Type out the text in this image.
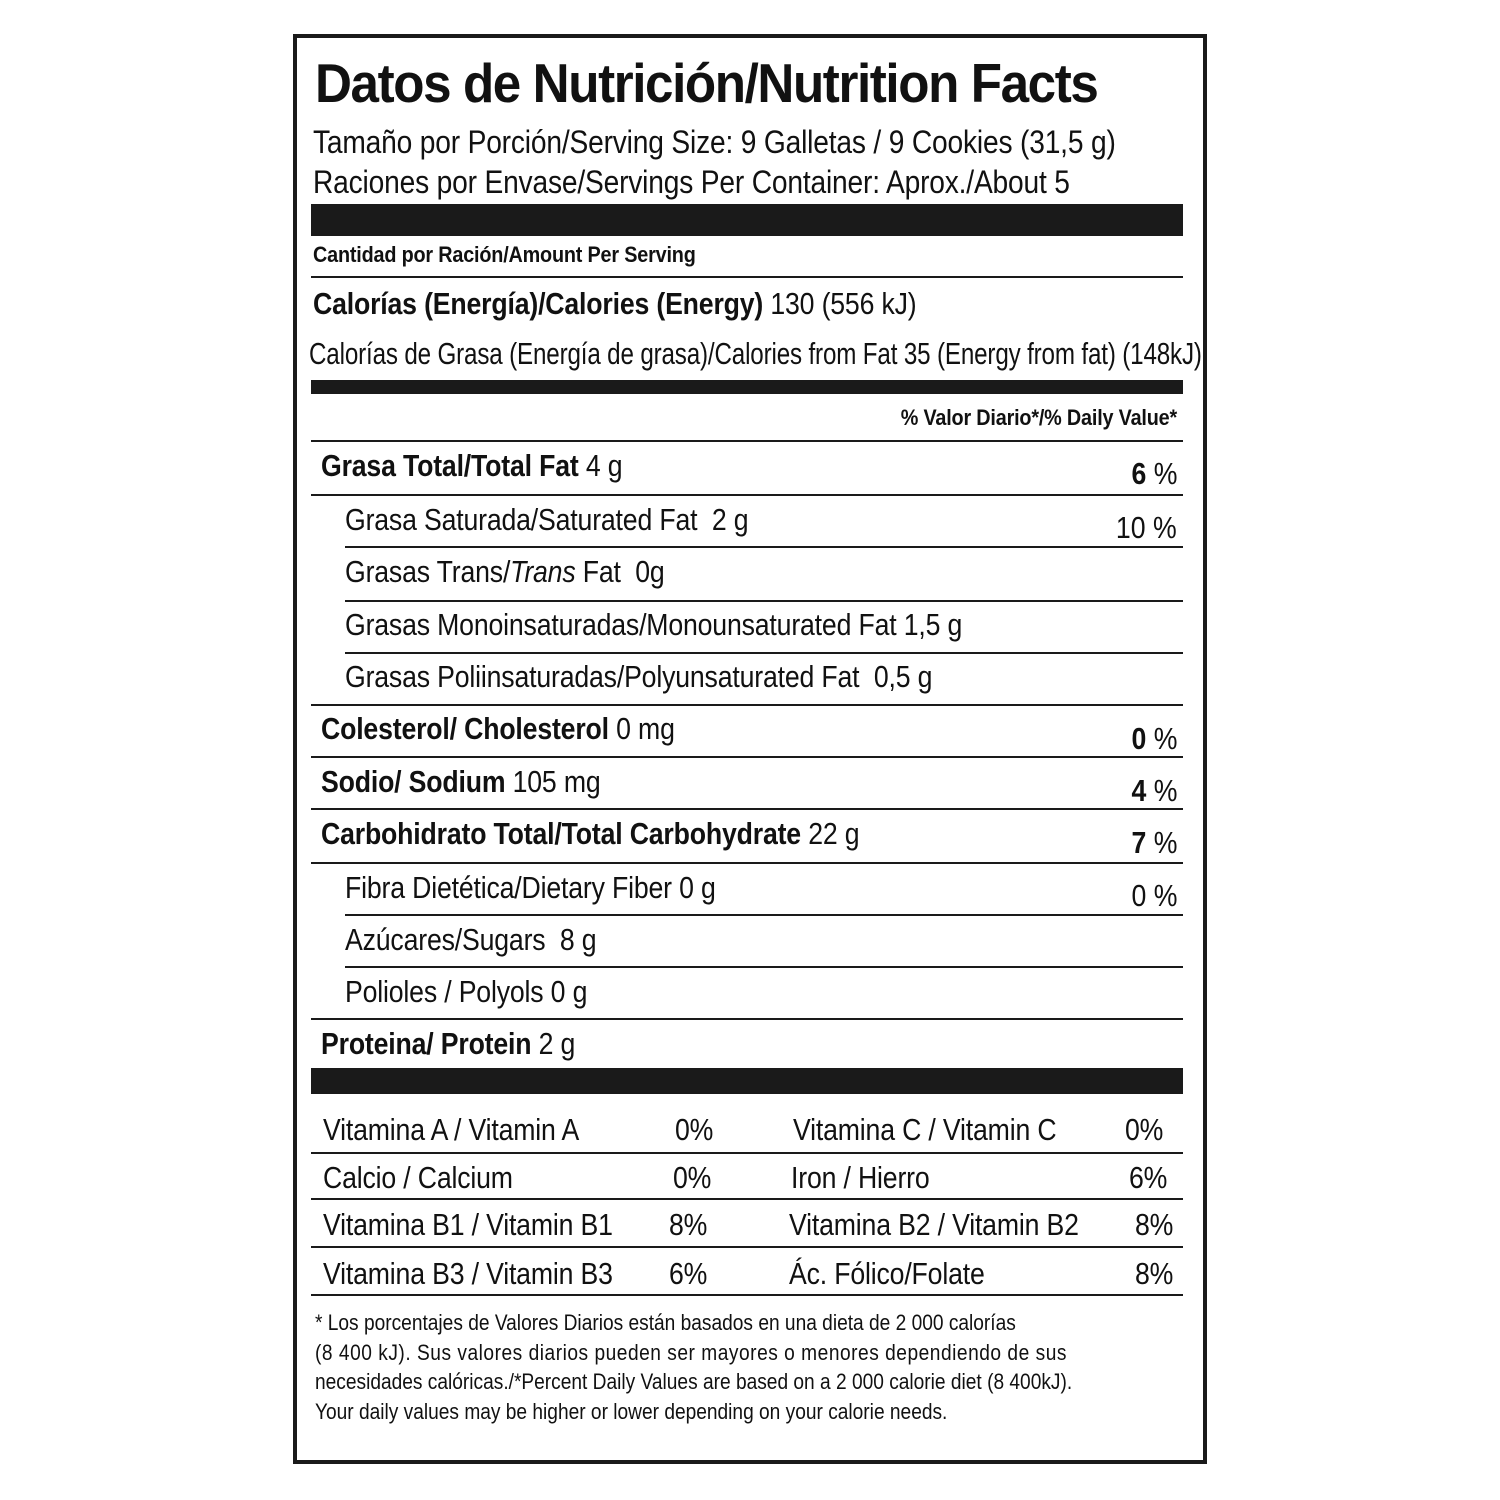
Datos de Nutrición/Nutrition Facts
Tamaño por Porción/Serving Size: 9 Galletas / 9 Cookies (31,5 g)
Raciones por Envase/Servings Per Container: Aprox./About 5
Cantidad por Ración/Amount Per Serving
Calorías (Energía)/Calories (Energy) 130 (556 kJ)
Calorías de Grasa (Energía de grasa)/Calories from Fat 35 (Energy from fat) (148kJ)
% Valor Diario*/% Daily Value*
Grasa Total/Total Fat 4 g	6 %
Grasa Saturada/Saturated Fat 2 g	10 %
Grasas Trans/Trans Fat 0g
Grasas Monoinsaturadas/Monounsaturated Fat 1,5 g
Grasas Poliinsaturadas/Polyunsaturated Fat 0,5 g
Colesterol/ Cholesterol 0 mg	0 %
Sodio/ Sodium 105 mg	4 %
Carbohidrato Total/Total Carbohydrate 22 g	7 %
Fibra Dietética/Dietary Fiber 0 g	0 %
Azúcares/Sugars 8 g
Polioles / Polyols 0 g
Proteina/ Protein 2 g
Vitamina A / Vitamin A	0%	Vitamina C / Vitamin C 0%
Calcio / Calcium	0%	Iron / Hierro	6%
Vitamina B1 / Vitamin B1 8%	Vitamina B2 / Vitamin B2 8%
Vitamina B3 / Vitamin B3 6%	Ác. Fólico/Folate	8%
* Los porcentajes de Valores Diarios están basados en una dieta de 2 000 calorías
(8 400 kJ). Sus valores diarios pueden ser mayores o menores dependiendo de sus
necesidades calóricas./*Percent Daily Values are based on a 2 000 calorie diet (8 400kJ).
Your daily values may be higher or lower depending on your calorie needs.
